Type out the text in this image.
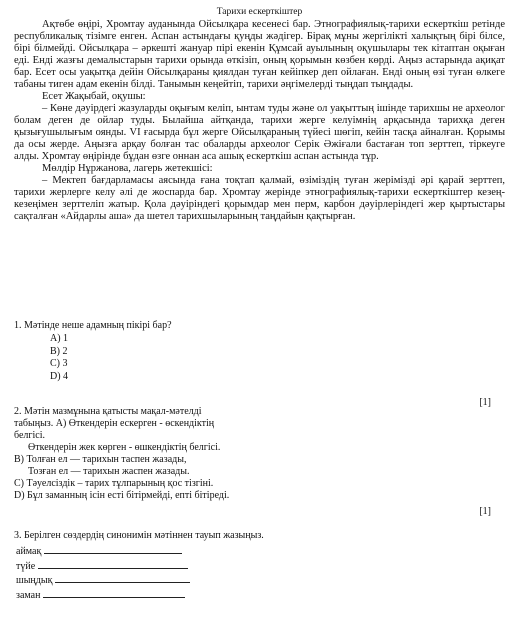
Тарихи ескерткіштер

Ақтөбе өңірі, Хромтау ауданында Ойсылқара кесенесі бар. Этнографиялық-тарихи ескерткіш ретінде республикалық тізімге енген. Аспан астындағы қуңды жәдігер. Бірақ мұны жергілікті халықтың бірі білсе, бірі білмейді. Ойсылқара – әркешті жануар пірі екенін Құмсай ауылының оқушылары тек кітаптан оқыған еді. Енді жазғы демалыстарын тарихи орында өткізіп, оның қорымын көзбен көрді. Аңыз астарында ақиқат бар. Есет осы уақытқа дейін Ойсылқараны қиялдан туған кейіпкер деп ойлаған. Енді оның өзі туған өлкеге табаны тиген адам екенін білді. Танымын кеңейтіп, тарихи әңгімелерді тыңдап тыңдады.

Есет Жақыбай, оқушы:

– Көне дәуірдегі жазуларды оқығым келіп, ынтам туды және ол уақыттың ішінде тарихшы не археолог болам деген де ойлар туды. Былайша айтқанда, тарихи жерге келуімнің арқасында тарихқа деген қызығушылығым оянды. VI ғасырда бұл жерге Ойсылқараның түйесі шөгіп, кейін тасқа айналған. Қорымы да осы жерде. Аңызға арқау болған тас обаларды археолог Серік Әжіғали бастаған топ зерттеп, тіркеуге алды. Хромтау өңірінде бұдан өзге оннан аса ашық ескерткіш аспан астында тұр.

Мөлдір Нұржанова, лагерь жетекшісі:

– Мектеп бағдарламасы аясында ғана тоқтап қалмай, өзіміздің туған жерімізді әрі қарай зерттеп, тарихи жерлерге келу әлі де жоспарда бар. Хромтау жерінде этнографиялық-тарихи ескерткіштер кезең-кезеңімен зерттеліп жатыр. Қола дәуіріндегі қорымдар мен перм, карбон дәуірлеріндегі жер қыртыстары сақталған «Айдарлы аша» да шетел тарихшыларының таңдайын қақтырған.

1. Мәтінде неше адамның пікірі бар?
А) 1
В) 2
С) 3
D) 4
[1]
2. Мәтін мазмұнына қатысты мақал-мәтелді
табыңыз. А) Өткендерін ескерген - өскендіктің
белгісі.
Өткендерін жек көрген - өшкендіктің белгісі.
В) Толған ел — тарихын таспен жазады,
Тозған ел — тарихын жаспен жазады.
С) Тәуелсіздік – тарих тұлпарының қос тізгіні.
D) Бұл заманның ісін есті бітірмейді, епті бітіреді.
[1]
3. Берілген сөздердің синонимін мәтіннен тауып жазыңыз.
аймақ
түйе
шыңдық
заман
